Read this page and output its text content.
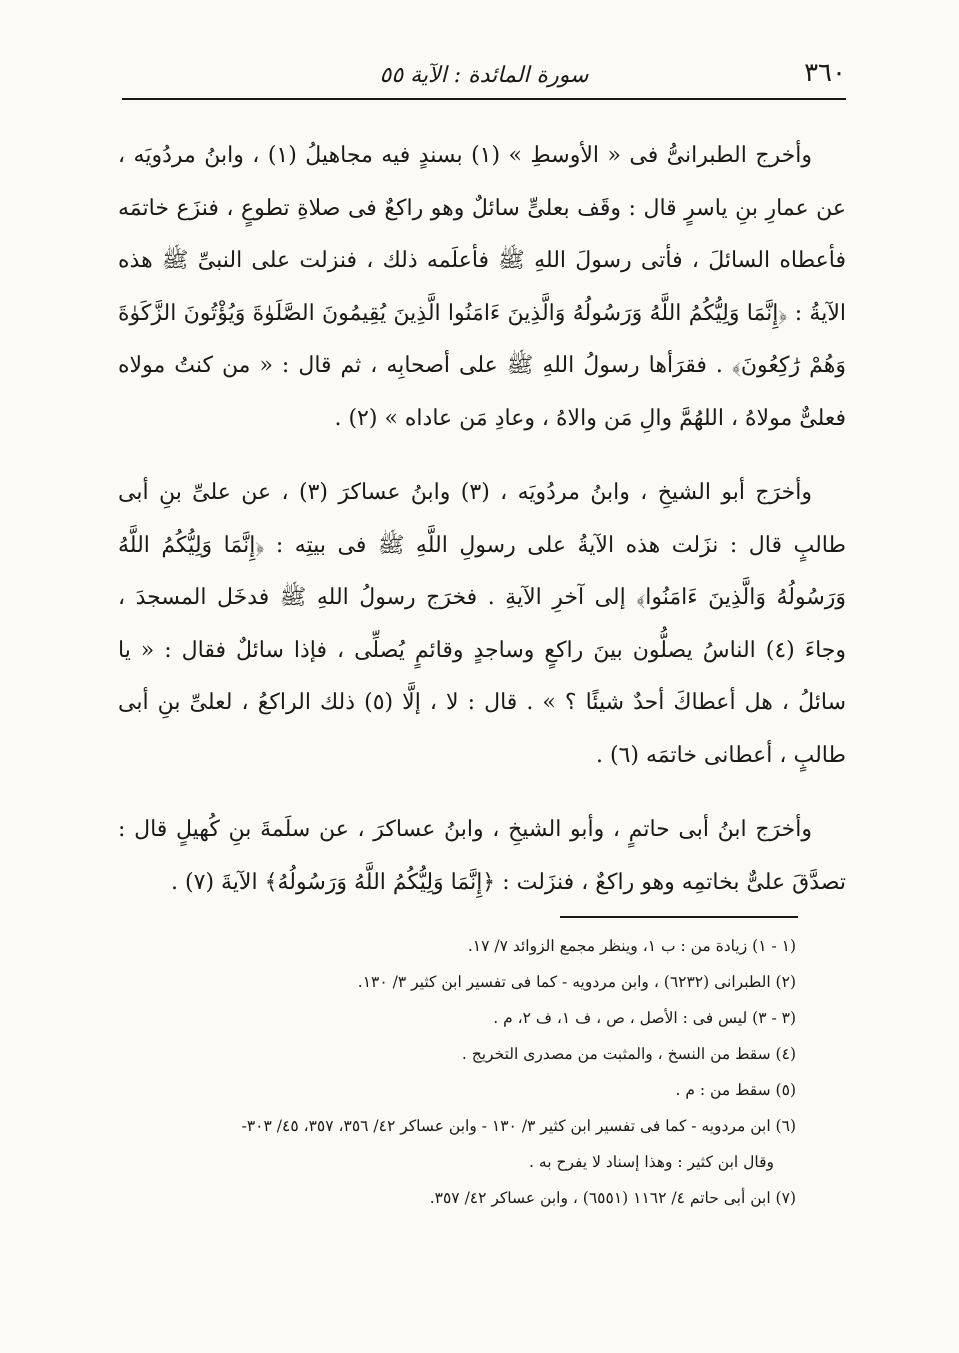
٣٦٠
سورة المائدة : الآية ٥٥

وأخرج الطبرانىُّ فى « الأوسطِ » (١) بسندٍ فيه مجاهيلُ (١) ، وابنُ مردُويَه ، عن عمارِ بنِ ياسرٍ قال : وقَف بعلىٍّ سائلٌ وهو راكعٌ فى صلاةِ تطوعٍ ، فنزَع خاتمَه فأعطاه السائلَ ، فأتى رسولَ اللهِ ﷺ فأعلَمه ذلك ، فنزلت على النبىِّ ﷺ هذه الآيةُ : ﴿إِنَّمَا وَلِيُّكُمُ اللَّهُ وَرَسُولُهُ وَالَّذِينَ ءَامَنُوا الَّذِينَ يُقِيمُونَ الصَّلَوٰةَ وَيُؤْتُونَ الزَّكَوٰةَ وَهُمْ رَٰكِعُونَ﴾ . فقرَأها رسولُ اللهِ ﷺ على أصحابِه ، ثم قال : « من كنتُ مولاه فعلىٌّ مولاهُ ، اللهُمَّ والِ مَن والاهُ ، وعادِ مَن عاداه » (٢) .

وأخرَج أبو الشيخِ ، وابنُ مردُويَه ، (٣) وابنُ عساكرَ (٣) ، عن علىِّ بنِ أبى طالبٍ قال : نزَلت هذه الآيةُ على رسولِ اللَّهِ ﷺ فى بيتِه : ﴿إِنَّمَا وَلِيُّكُمُ اللَّهُ وَرَسُولُهُ وَالَّذِينَ ءَامَنُوا﴾ إلى آخرِ الآيةِ . فخرَج رسولُ اللهِ ﷺ فدخَل المسجدَ ، وجاءَ (٤) الناسُ يصلُّون بينَ راكعٍ وساجدٍ وقائمٍ يُصلِّى ، فإذا سائلٌ فقال : « يا سائلُ ، هل أعطاكَ أحدٌ شيئًا ؟ » . قال : لا ، إلَّا (٥) ذلك الراكعُ ، لعلىِّ بنِ أبى طالبٍ ، أعطانى خاتمَه (٦) .

وأخرَج ابنُ أبى حاتمٍ ، وأبو الشيخِ ، وابنُ عساكرَ ، عن سلَمةَ بنِ كُهيلٍ قال : تصدَّقَ علىٌّ بخاتمِه وهو راكعٌ ، فنزَلت : ﴿إِنَّمَا وَلِيُّكُمُ اللَّهُ وَرَسُولُهُ﴾ الآيةَ (٧) .

(١ - ١) زيادة من : ب ١، وينظر مجمع الزوائد ٧/ ١٧.

(٢) الطبرانى (٦٢٣٢) ، وابن مردويه - كما فى تفسير ابن كثير ٣/ ١٣٠.

(٣ - ٣) ليس فى : الأصل ، ص ، ف ١، ف ٢، م .

(٤) سقط من النسخ ، والمثبت من مصدرى التخريج .

(٥) سقط من : م .

(٦) ابن مردويه - كما فى تفسير ابن كثير ٣/ ١٣٠ - وابن عساكر ٤٢/ ٣٥٦، ٣٥٧، ٤٥/ ٣٠٣-

وقال ابن كثير : وهذا إسناد لا يفرح به .

(٧) ابن أبى حاتم ٤/ ١١٦٢ (٦٥٥١) ، وابن عساكر ٤٢/ ٣٥٧.
